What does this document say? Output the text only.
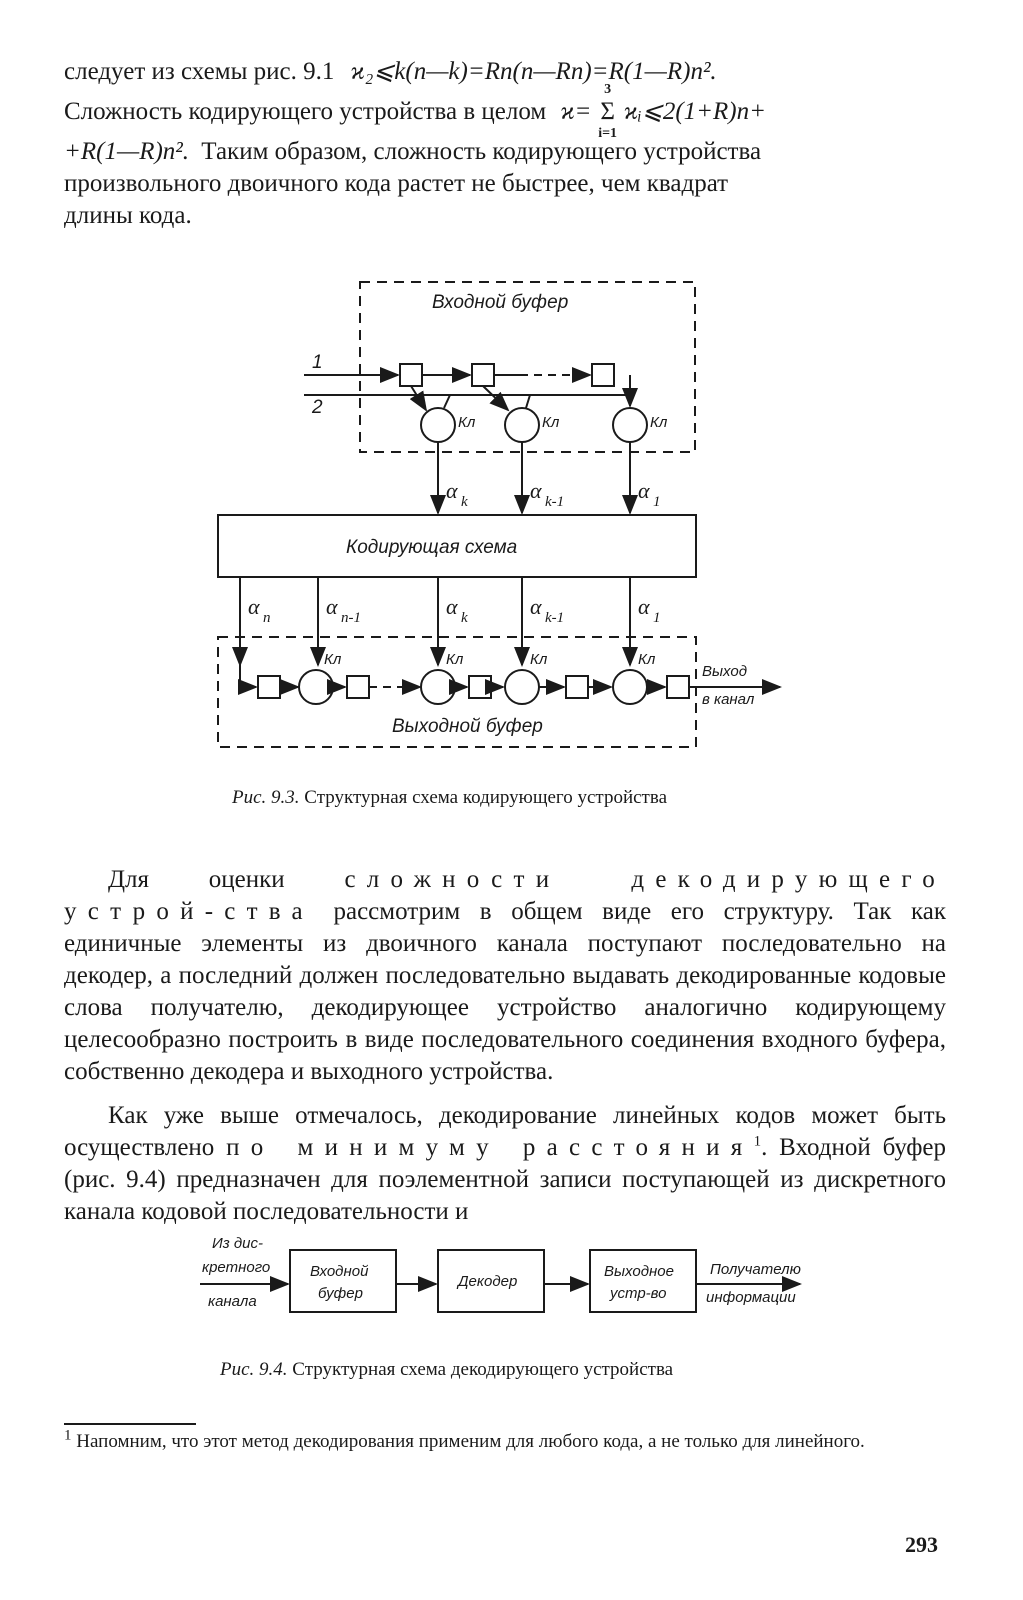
следует из схемы рис. 9.1 ϰ₂⩽k(n—k)=Rn(n—Rn)=R(1—R)n².
Сложность кодирующего устройства в целом ϰ=
3
Σ
i=1
ϰᵢ⩽2(1+R)n+
+R(1—R)n². Таким образом, сложность кодирующего устройства
произвольного двоичного кода растет не быстрее, чем квадрат
длины кода.
Входной буфер
1
2
Кл	Кл	Кл
α k	α k-1	α 1
Кодирующая схема
α n	α n-1	α k	α k-1	α 1
Выходной буфер
Кл	Кл	Кл	Кл
Выход
в канал

Рис. 9.3. Структурная схема кодирующего устройства

Для оценки сложности декодирующего устрой-ства рассмотрим в общем виде его структуру. Так как единичные элементы из двоичного канала поступают последовательно на декодер, а последний должен последовательно выдавать декодированные кодовые слова получателю, декодирующее устройство аналогично кодирующему целесообразно построить в виде последовательного соединения входного буфера, собственно декодера и выходного устройства.

Как уже выше отмечалось, декодирование линейных кодов может быть осуществлено по минимуму расстояния$^1$. Входной буфер (рис. 9.4) предназначен для поэлементной записи поступающей из дискретного канала кодовой последовательности и

Из дис-
кретного
канала
Входной
буфер
Декодер
Выходное
устр-во
Получателю
информации

Рис. 9.4. Структурная схема декодирующего устройства

$^1$ Напомним, что этот метод декодирования применим для любого кода, а не только для линейного.

293
